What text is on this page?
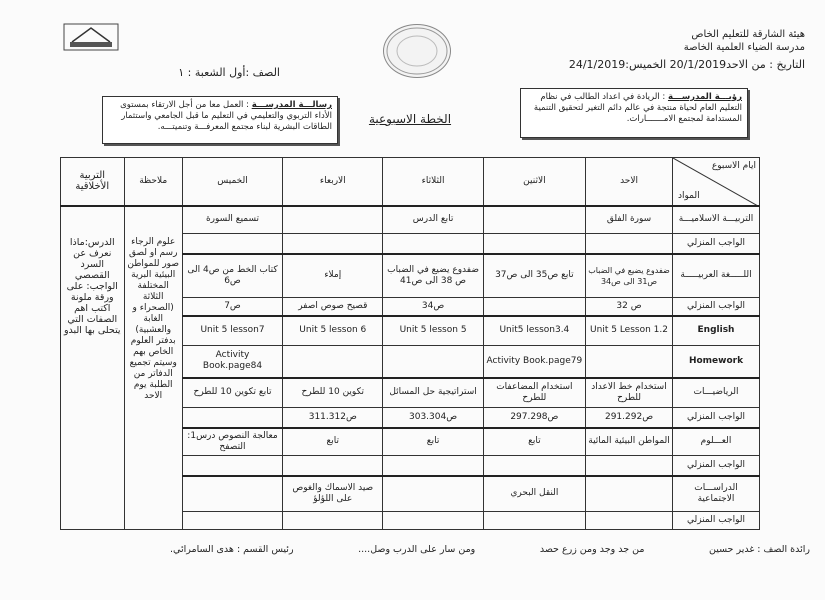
هيئة الشارقة للتعليم الخاص
مدرسة الضياء العلمية الخاصة
التاريخ : من الاحد20/1/2019 الخميس:24/1/2019
الصف :أول الشعبة : ١
رؤيـــة المدرســـة : الريادة في اعداد الطالب في نظام التعليم العام لحياة منتجة في عالم دائم التغير لتحقيق التنمية المستدامة لمجتمع الامـــــــارات.
رسالـــة المدرســـة : العمل معا من أجل الارتقاء بمستوى الأداء التربوي والتعليمي في التعليم ما قبل الجامعي واستثمار الطاقات البشرية لبناء مجتمع المعرفـــة وتنميتـــه.
الخطة الاسبوعية
ايام الاسبوع
المواد	الاحد	الاثنين	الثلاثاء	الاربعاء	الخميس	ملاحظة	التربية الأخلاقية
التربيـــة الاسلاميـــة	سورة الفلق		تابع الدرس		تسميع السورة	علوم الرجاء رسم او لصق صور للمواطن البيئية البرية المختلفة الثلاثة (الصحراء و الغابة والعشبية) بدفتر العلوم الخاص بهم وسيتم تجميع الدفاتر من الطلبة يوم الاحد	الدرس:ماذا نعرف عن السرد القصصي الواجب: على ورقة ملونة اكتب اهم الصفات التي يتحلى بها البدو
الواجب المنزلي							
اللـــــغة العربيـــــة	ضفدوع يضيع في الضباب ص31 الى ص34	تابع ص35 الى ص37	ضفدوع يضيع في الضباب ص 38 الى ص41	إملاء	كتاب الخط من ص4 الى ص6		
الواجب المنزلي	ص 32		ص34	قصيح صوص اصفر	ص7		
English	Unit 5 Lesson 1.2	Unit5 lesson3.4	Unit 5 lesson 5	Unit 5 lesson 6	Unit 5 lesson7		
Homework		Activity Book.page79			Activity Book.page84		
الرياضيـــات	استخدام خط الاعداد للطرح	استخدام المضاعفات للطرح	استراتيجية حل المسائل	تكوين 10 للطرح	تابع تكوين 10 للطرح		
الواجب المنزلي	ص291.292	ص297.298	ص303.304	ص311.312			
العـــلوم	المواطن البيئية المائية	تابع	تابع	تابع	معالجة النصوص درس1: التصفح		
الواجب المنزلي							
الدراســـات الاجتماعية		النقل البحري		صيد الاسماك والغوص على اللؤلؤ			
الواجب المنزلي							
رائدة الصف : غدير حسين
من جد وجد ومن زرع حصد
ومن سار على الدرب وصل....
رئيس القسم : هدى السامرائي.
